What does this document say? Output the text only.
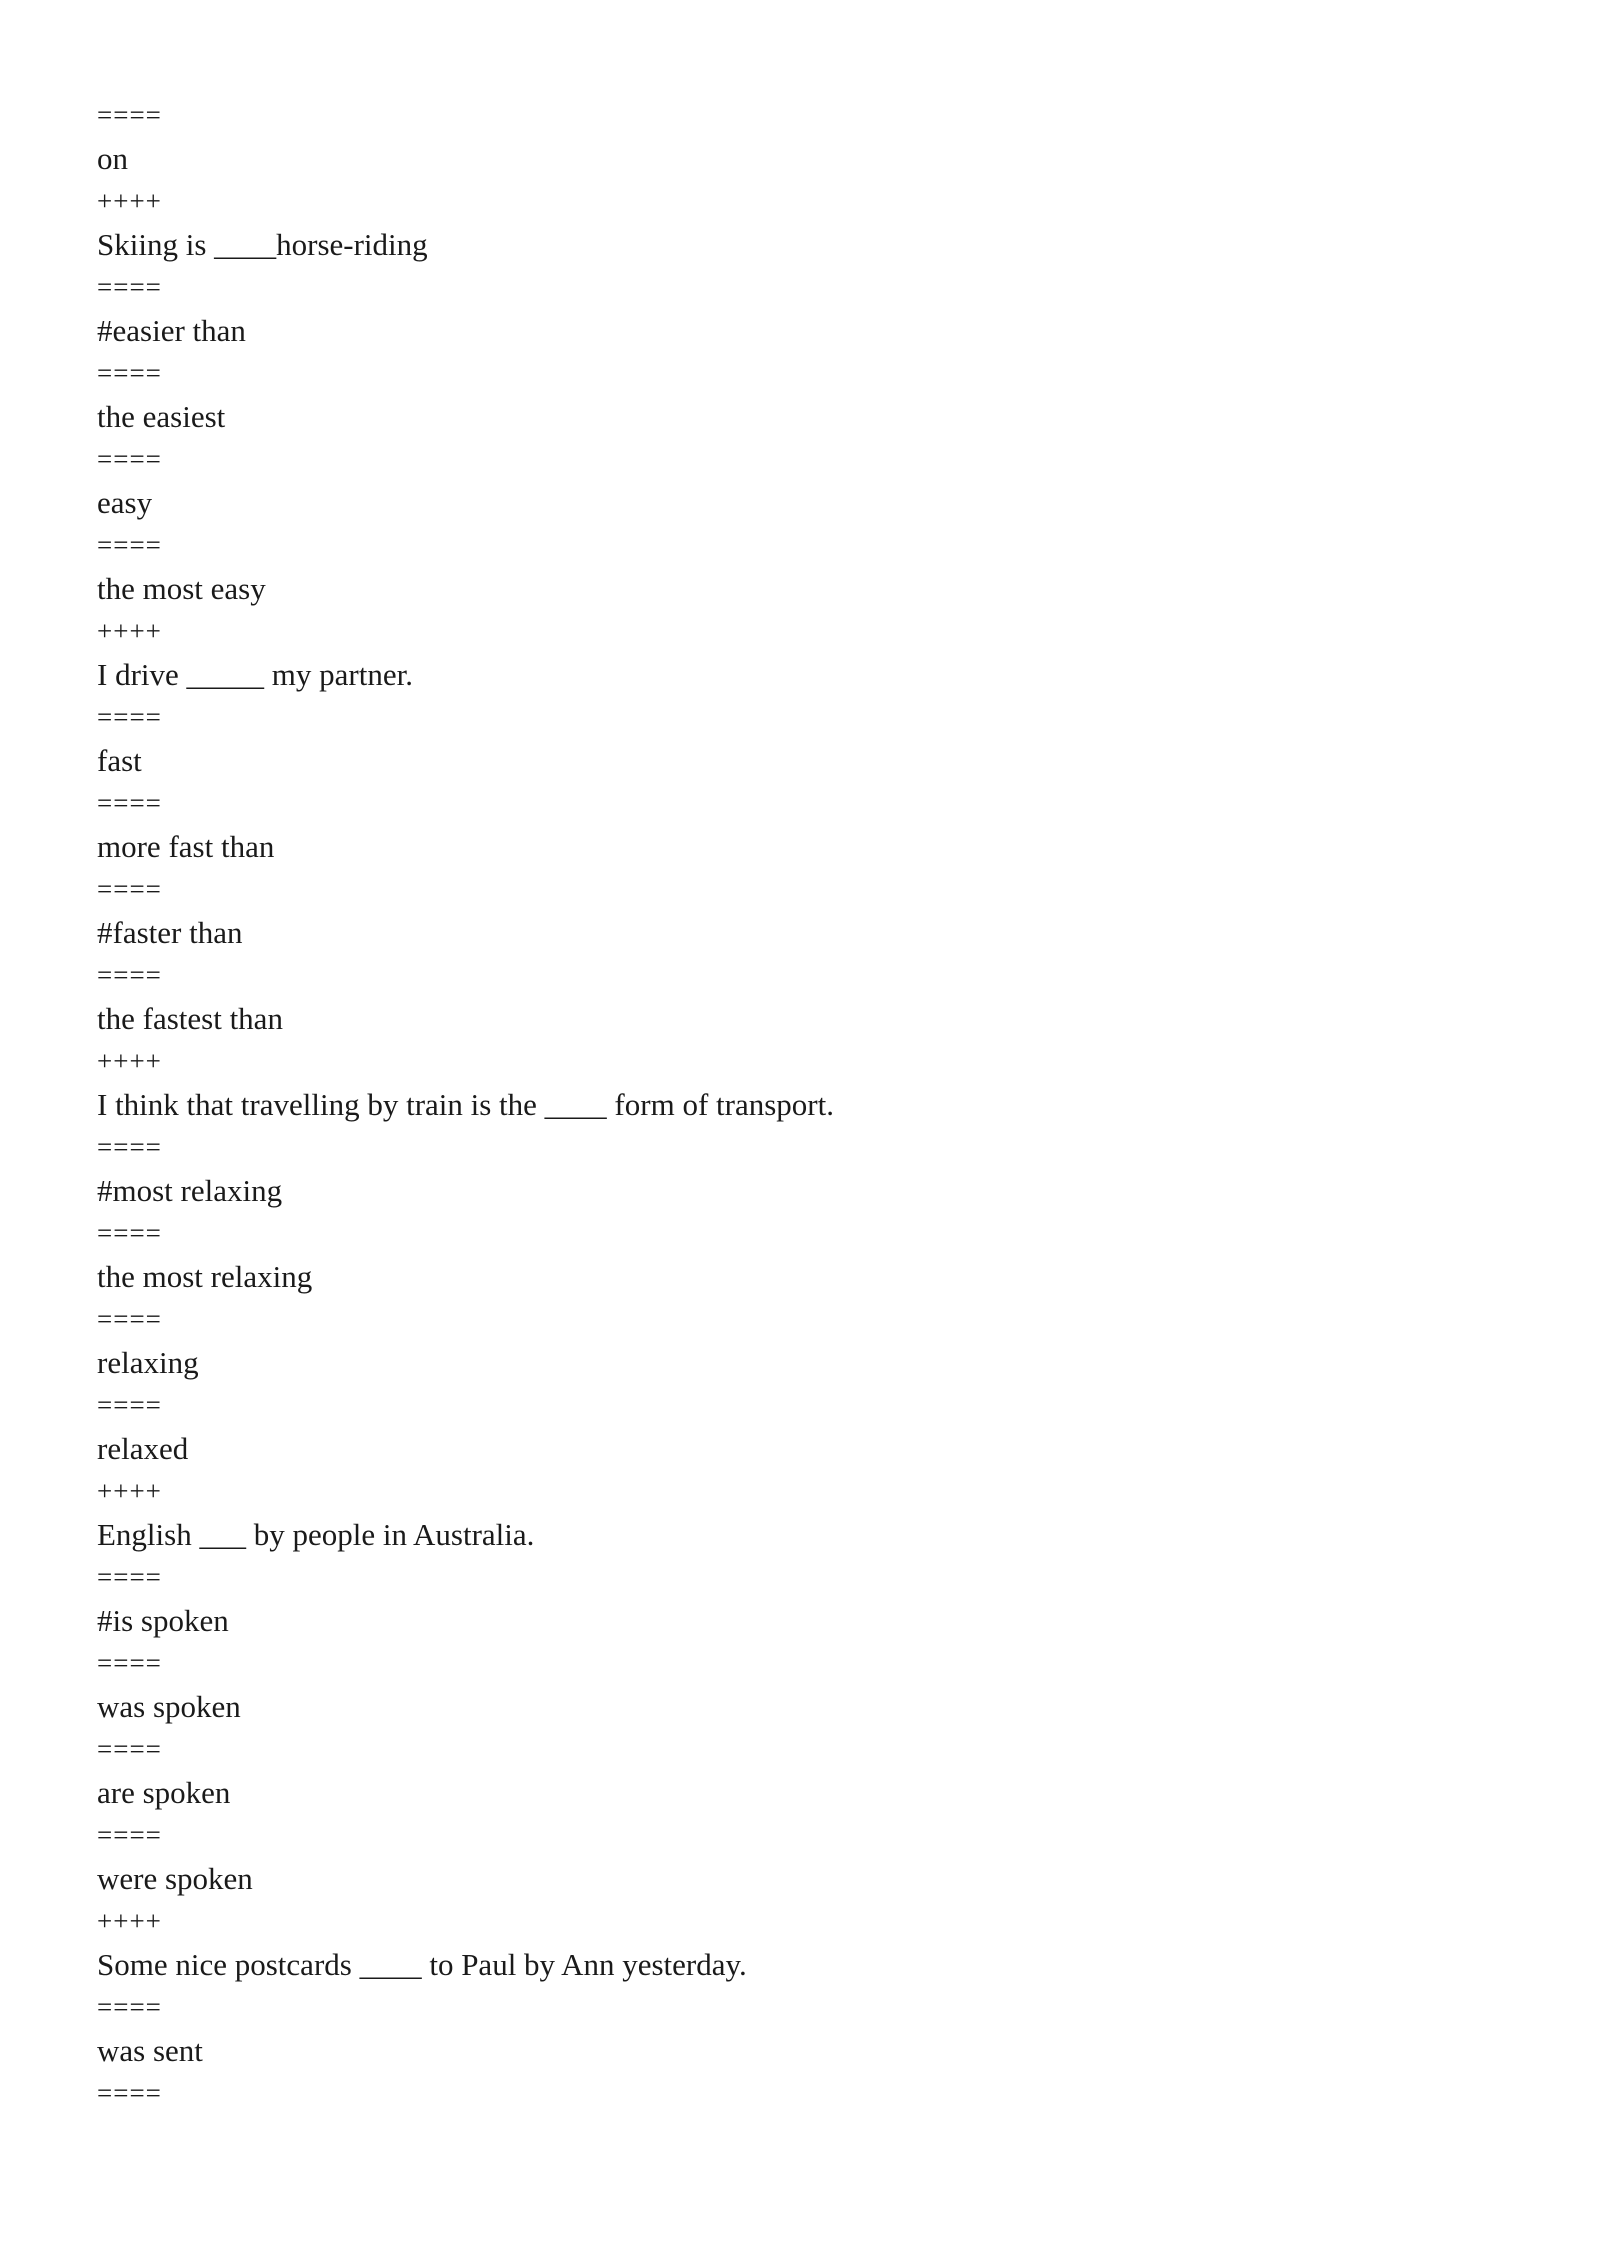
====
on
++++
Skiing is ____horse-riding
====
#easier than
====
the easiest
====
easy
====
the most easy
++++
I drive _____ my partner.
====
fast
====
more fast than
====
#faster than
====
the fastest than
++++
I think that travelling by train is the ____ form of transport.
====
#most relaxing
====
the most relaxing
====
relaxing
====
relaxed
++++
English ___ by people in Australia.
====
#is spoken
====
was spoken
====
are spoken
====
were spoken
++++
Some nice postcards ____ to Paul by Ann yesterday.
====
was sent
====
